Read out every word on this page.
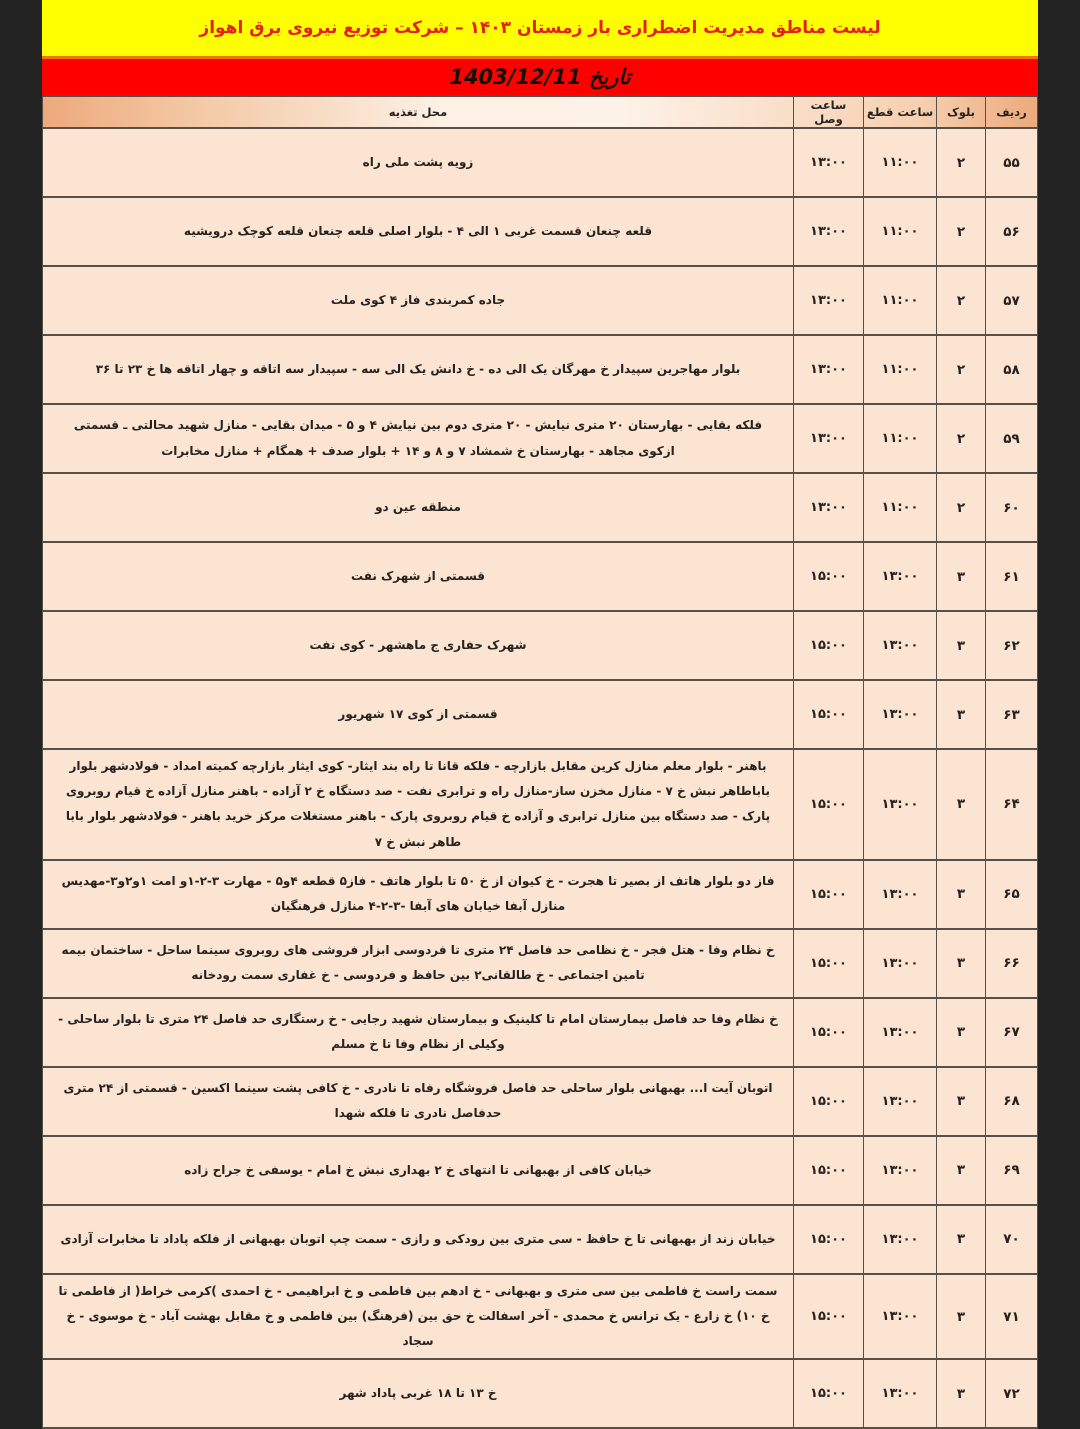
لیست مناطق مدیریت اضطراری بار زمستان ۱۴۰۳ – شرکت توزیع نیروی برق اهواز
تاریخ 1403/12/11
ردیف	بلوک	ساعت قطع	ساعت وصل	محل تغذیه
۵۵	۲	۱۱:۰۰	۱۳:۰۰	زویه پشت ملی راه
۵۶	۲	۱۱:۰۰	۱۳:۰۰	قلعه چنعان قسمت غربی ۱ الی ۴ - بلوار اصلی قلعه چنعان قلعه کوچک درویشیه
۵۷	۲	۱۱:۰۰	۱۳:۰۰	جاده کمربندی فاز ۴ کوی ملت
۵۸	۲	۱۱:۰۰	۱۳:۰۰	بلوار مهاجرین سپیدار خ مهرگان یک الی ده - خ دانش یک الی سه - سپیدار سه اتاقه و چهار اتاقه ها خ ۲۳ تا ۳۶
۵۹	۲	۱۱:۰۰	۱۳:۰۰	فلکه بقایی - بهارستان ۲۰ متری نیایش - ۲۰ متری دوم بین نیایش ۴ و ۵ - میدان بقایی - منازل شهید محالتی ـ قسمتی ازکوی مجاهد - بهارستان خ شمشاد ۷ و ۸ و ۱۴ + بلوار صدف + همگام + منازل مخابرات
۶۰	۲	۱۱:۰۰	۱۳:۰۰	منطقه عین دو
۶۱	۳	۱۳:۰۰	۱۵:۰۰	قسمتی از شهرک نفت
۶۲	۳	۱۳:۰۰	۱۵:۰۰	شهرک حفاری ج ماهشهر - کوی نفت
۶۳	۳	۱۳:۰۰	۱۵:۰۰	قسمتی از کوی ۱۷ شهریور
۶۴	۳	۱۳:۰۰	۱۵:۰۰	باهنر - بلوار معلم منازل کرین مقابل بازارچه - فلکه قانا تا راه بند ایثار- کوی ایثار بازارچه کمیته امداد - فولادشهر بلوار باباطاهر نبش خ ۷ - منازل مخزن ساز-منازل راه و ترابری نفت - صد دستگاه خ ۲ آزاده - باهنر منازل آزاده خ قیام روبروی پارک - صد دستگاه بین منازل ترابری و آزاده خ قیام روبروی پارک - باهنر مستغلات مرکز خرید باهنر - فولادشهر بلوار بابا طاهر نبش خ ۷
۶۵	۳	۱۳:۰۰	۱۵:۰۰	فاز دو بلوار هاتف از بصیر تا هجرت - خ کیوان از خ ۵۰ تا بلوار هاتف - فاز۵ قطعه ۴و۵ - مهارت ۳-۲-۱و امت ۱و۲و۳-مهدیس منازل آبفا خیابان های آبفا -۳-۲-۴ منازل فرهنگیان
۶۶	۳	۱۳:۰۰	۱۵:۰۰	خ نظام وفا - هتل فجر - خ نظامی حد فاصل ۲۴ متری تا فردوسی ابزار فروشی های روبروی سینما ساحل - ساختمان بیمه تامین اجتماعی - خ طالقانی۲ بین حافظ و فردوسی - خ غفاری سمت رودخانه
۶۷	۳	۱۳:۰۰	۱۵:۰۰	خ نظام وفا حد فاصل بیمارستان امام تا کلینیک و بیمارستان شهید رجایی - خ رستگاری حد فاصل ۲۴ متری تا بلوار ساحلی - وکیلی از نظام وفا تا خ مسلم
۶۸	۳	۱۳:۰۰	۱۵:۰۰	اتوبان آیت ا... بهبهانی بلوار ساحلی حد فاصل فروشگاه رفاه تا نادری - خ کافی پشت سینما اکسین - قسمتی از ۲۴ متری حدفاصل نادری تا فلکه شهدا
۶۹	۳	۱۳:۰۰	۱۵:۰۰	خیابان کافی از بهبهانی تا انتهای خ ۲ بهداری نبش خ امام - یوسفی خ جراح زاده
۷۰	۳	۱۳:۰۰	۱۵:۰۰	خیابان زند از بهبهانی تا خ حافظ - سی متری بین رودکی و رازی - سمت چپ اتوبان بهبهانی از فلکه پاداد تا مخابرات آزادی
۷۱	۳	۱۳:۰۰	۱۵:۰۰	سمت راست خ فاطمی بین سی متری و بهبهانی - خ ادهم بین فاطمی و خ ابراهیمی - خ احمدی )کرمی خراط( از فاطمی تا خ ۱۰) خ زارع - یک ترانس خ محمدی - آخر اسفالت خ حق بین (فرهنگ) بین فاطمی و خ مقابل بهشت آباد - خ موسوی - خ سجاد
۷۲	۳	۱۳:۰۰	۱۵:۰۰	خ ۱۳ تا ۱۸ غربی پاداد شهر
